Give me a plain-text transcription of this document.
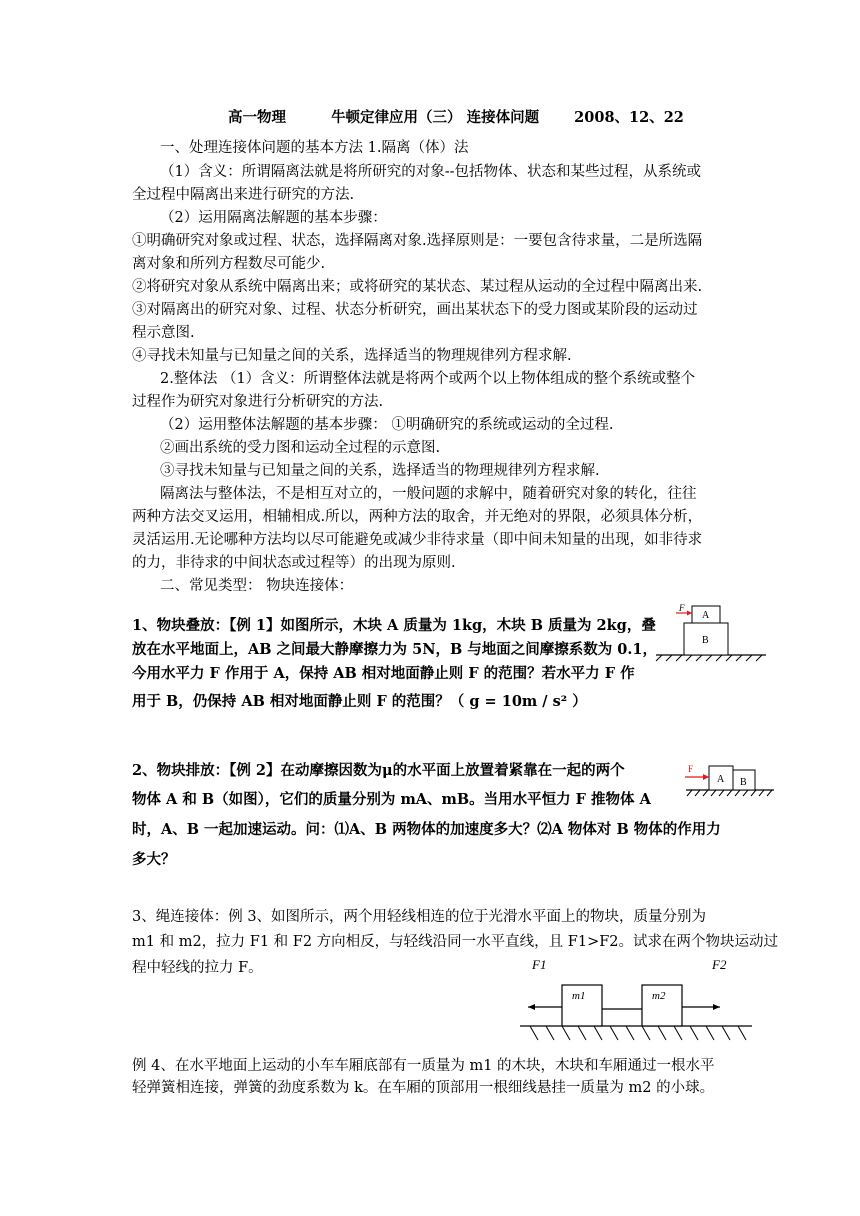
高一物理	牛顿定律应用（三） 连接体问题 2008、12、22
一、处理连接体问题的基本方法 1.隔离（体）法
（1）含义：所谓隔离法就是将所研究的对象--包括物体、状态和某些过程，从系统或
全过程中隔离出来进行研究的方法.
（2）运用隔离法解题的基本步骤：
①明确研究对象或过程、状态，选择隔离对象.选择原则是：一要包含待求量，二是所选隔
离对象和所列方程数尽可能少.
②将研究对象从系统中隔离出来；或将研究的某状态、某过程从运动的全过程中隔离出来.
③对隔离出的研究对象、过程、状态分析研究，画出某状态下的受力图或某阶段的运动过
程示意图.
④寻找未知量与已知量之间的关系，选择适当的物理规律列方程求解.
2.整体法 （1）含义：所谓整体法就是将两个或两个以上物体组成的整个系统或整个
过程作为研究对象进行分析研究的方法.
（2）运用整体法解题的基本步骤： ①明确研究的系统或运动的全过程.
②画出系统的受力图和运动全过程的示意图.
③寻找未知量与已知量之间的关系，选择适当的物理规律列方程求解.
隔离法与整体法，不是相互对立的，一般问题的求解中，随着研究对象的转化，往往
两种方法交叉运用，相辅相成.所以，两种方法的取舍，并无绝对的界限，必须具体分析，
灵活运用.无论哪种方法均以尽可能避免或减少非待求量（即中间未知量的出现，如非待求
的力，非待求的中间状态或过程等）的出现为原则.
二、常见类型： 物块连接体：
1、物块叠放：【例 1】如图所示，木块 A 质量为 1kg，木块 B 质量为 2kg，叠
放在水平地面上，AB 之间最大静摩擦力为 5N，B 与地面之间摩擦系数为 0.1，
今用水平力 F 作用于 A，保持 AB 相对地面静止则 F 的范围？若水平力 F 作
用于 B，仍保持 AB 相对地面静止则 F 的范围？（ g = 10m / s² ）
F
A
B
2、物块排放：【例 2】在动摩擦因数为μ的水平面上放置着紧靠在一起的两个
物体 A 和 B（如图），它们的质量分别为 mA、mB。当用水平恒力 F 推物体 A
时，A、B 一起加速运动。问：⑴A、B 两物体的加速度多大？⑵A 物体对 B 物体的作用力
多大？
F
A B
3、绳连接体：例 3、如图所示，两个用轻线相连的位于光滑水平面上的物块，质量分别为
m1 和 m2，拉力 F1 和 F2 方向相反，与轻线沿同一水平直线，且 F1>F2。试求在两个物块运动过
程中轻线的拉力 F。	F1	F2
m1	m2
例 4、在水平地面上运动的小车车厢底部有一质量为 m1 的木块，木块和车厢通过一根水平
轻弹簧相连接，弹簧的劲度系数为 k。在车厢的顶部用一根细线悬挂一质量为 m2 的小球。
